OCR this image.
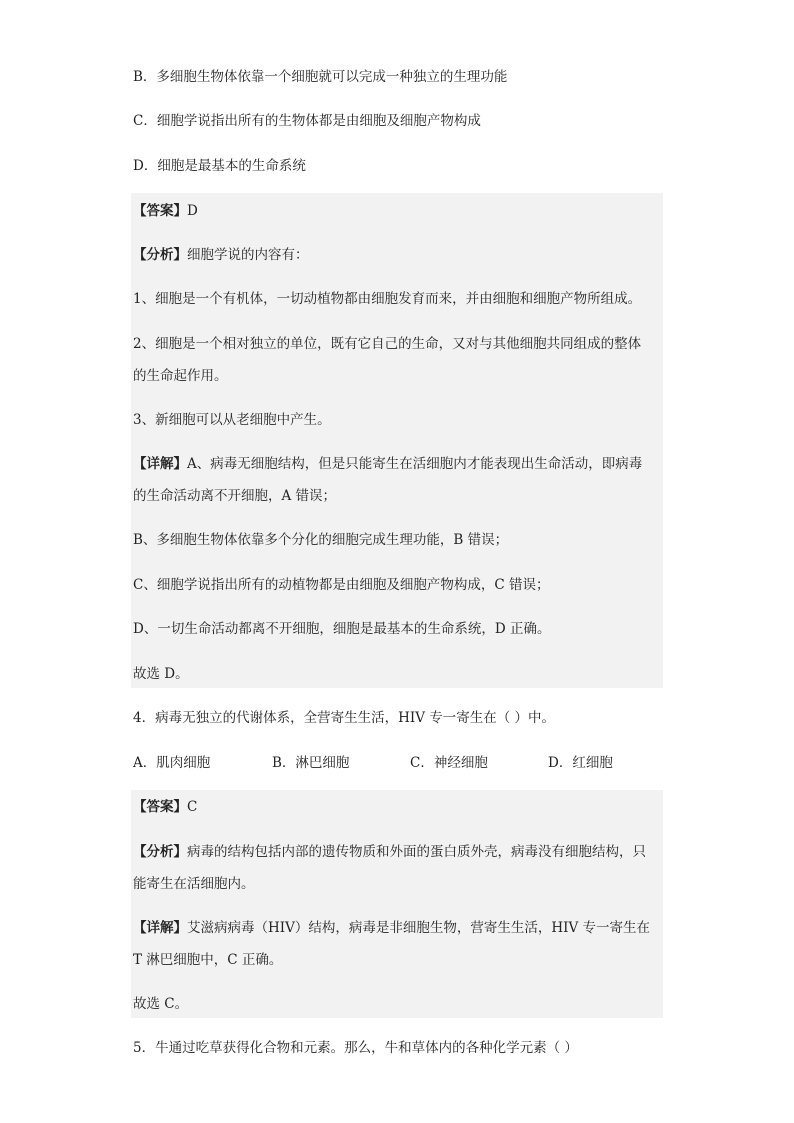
B．多细胞生物体依靠一个细胞就可以完成一种独立的生理功能
C．细胞学说指出所有的生物体都是由细胞及细胞产物构成
D．细胞是最基本的生命系统
【答案】D
【分析】细胞学说的内容有：
1、细胞是一个有机体，一切动植物都由细胞发育而来，并由细胞和细胞产物所组成。
2、细胞是一个相对独立的单位，既有它自己的生命，又对与其他细胞共同组成的整体
的生命起作用。
3、新细胞可以从老细胞中产生。
【详解】A、病毒无细胞结构，但是只能寄生在活细胞内才能表现出生命活动，即病毒
的生命活动离不开细胞，A 错误；
B、多细胞生物体依靠多个分化的细胞完成生理功能，B 错误；
C、细胞学说指出所有的动植物都是由细胞及细胞产物构成，C 错误；
D、一切生命活动都离不开细胞，细胞是最基本的生命系统，D 正确。
故选 D。
4．病毒无独立的代谢体系，全营寄生生活，HIV 专一寄生在（ ）中。
A．肌肉细胞	B．淋巴细胞	C．神经细胞	D．红细胞
【答案】C
【分析】病毒的结构包括内部的遗传物质和外面的蛋白质外壳，病毒没有细胞结构，只
能寄生在活细胞内。
【详解】艾滋病病毒（HIV）结构，病毒是非细胞生物，营寄生生活，HIV 专一寄生在
T 淋巴细胞中，C 正确。
故选 C。
5．牛通过吃草获得化合物和元素。那么，牛和草体内的各种化学元素（ ）
